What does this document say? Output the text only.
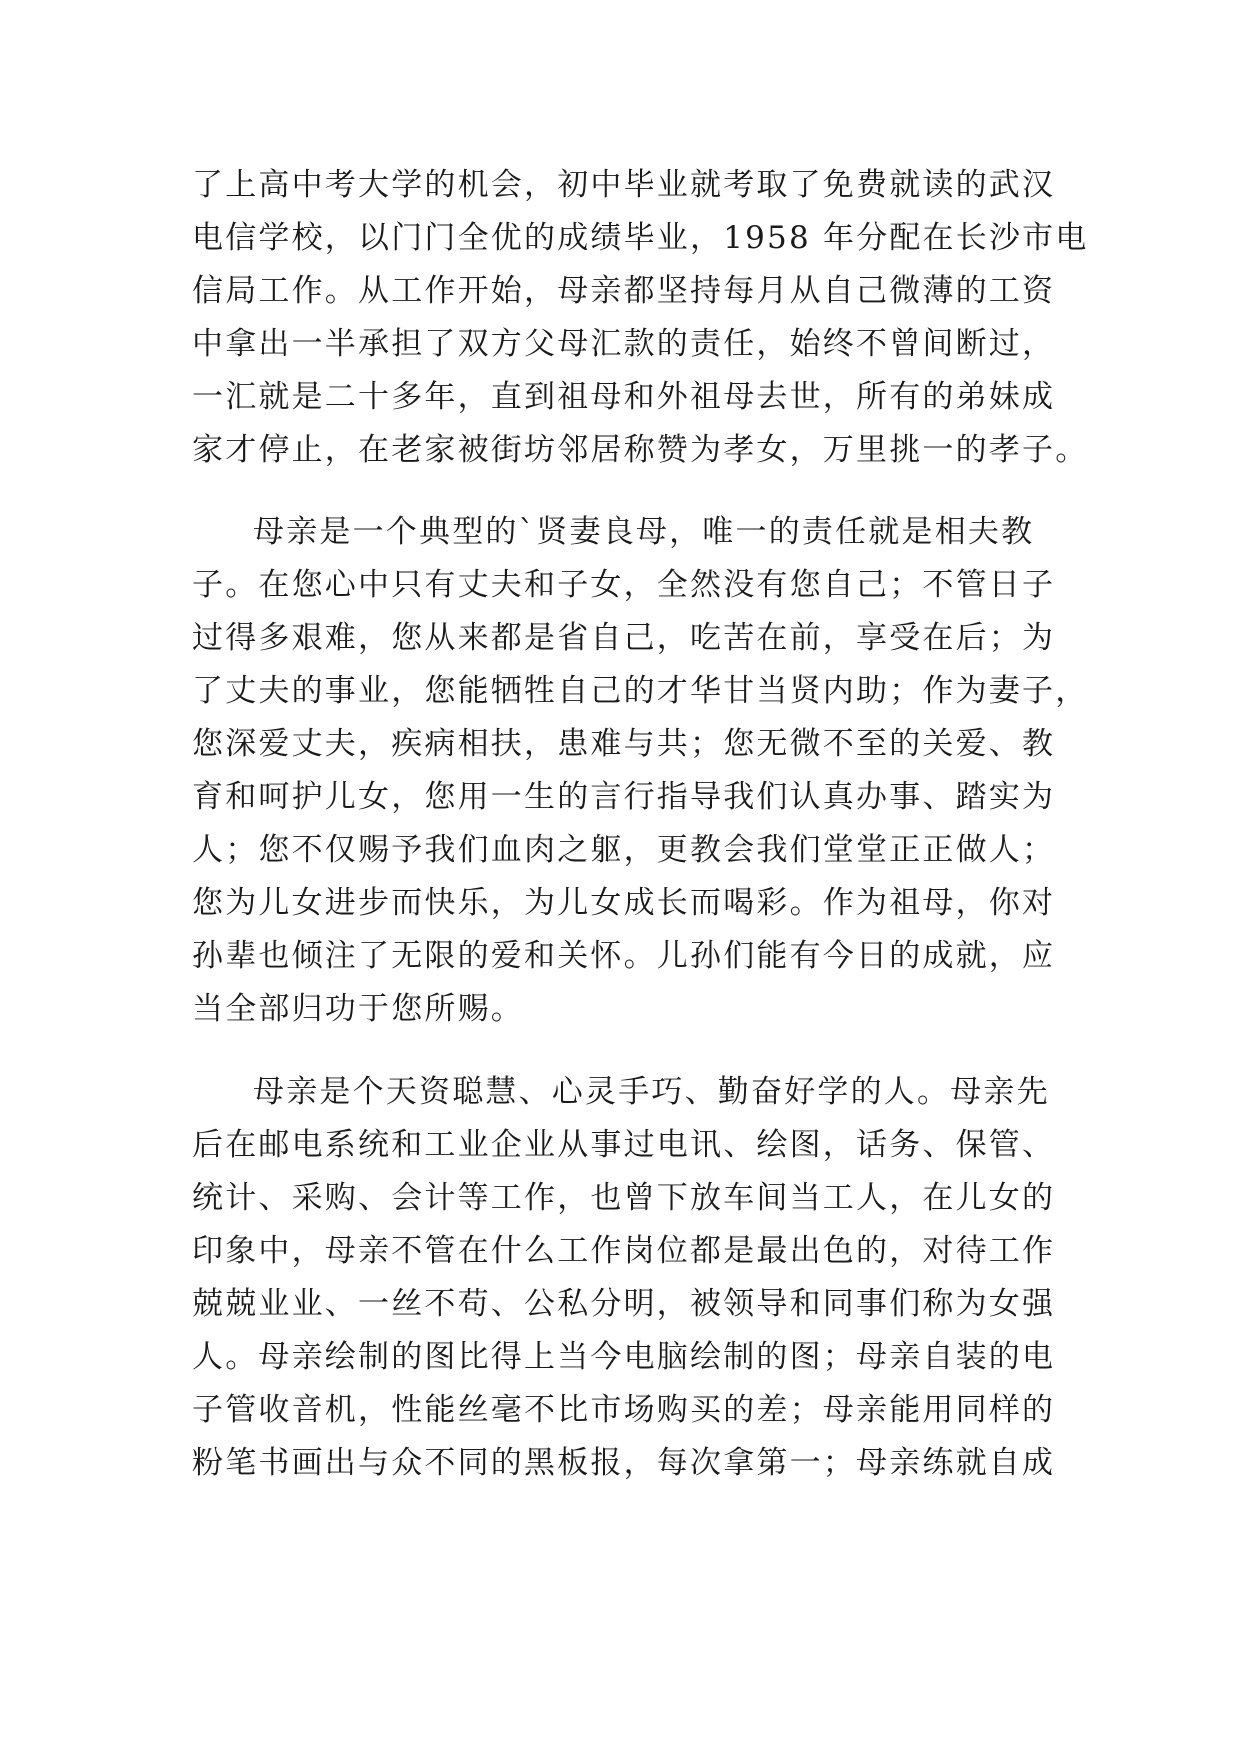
了上高中考大学的机会，初中毕业就考取了免费就读的武汉
电信学校，以门门全优的成绩毕业，1958 年分配在长沙市电
信局工作。从工作开始，母亲都坚持每月从自己微薄的工资
中拿出一半承担了双方父母汇款的责任，始终不曾间断过，
一汇就是二十多年，直到祖母和外祖母去世，所有的弟妹成
家才停止，在老家被街坊邻居称赞为孝女，万里挑一的孝子。
母亲是一个典型的`贤妻良母，唯一的责任就是相夫教
子。在您心中只有丈夫和子女，全然没有您自己；不管日子
过得多艰难，您从来都是省自己，吃苦在前，享受在后；为
了丈夫的事业，您能牺牲自己的才华甘当贤内助；作为妻子，
您深爱丈夫，疾病相扶，患难与共；您无微不至的关爱、教
育和呵护儿女，您用一生的言行指导我们认真办事、踏实为
人；您不仅赐予我们血肉之躯，更教会我们堂堂正正做人；
您为儿女进步而快乐，为儿女成长而喝彩。作为祖母，你对
孙辈也倾注了无限的爱和关怀。儿孙们能有今日的成就，应
当全部归功于您所赐。
母亲是个天资聪慧、心灵手巧、勤奋好学的人。母亲先
后在邮电系统和工业企业从事过电讯、绘图，话务、保管、
统计、采购、会计等工作，也曾下放车间当工人，在儿女的
印象中，母亲不管在什么工作岗位都是最出色的，对待工作
兢兢业业、一丝不苟、公私分明，被领导和同事们称为女强
人。母亲绘制的图比得上当今电脑绘制的图；母亲自装的电
子管收音机，性能丝毫不比市场购买的差；母亲能用同样的
粉笔书画出与众不同的黑板报，每次拿第一；母亲练就自成
